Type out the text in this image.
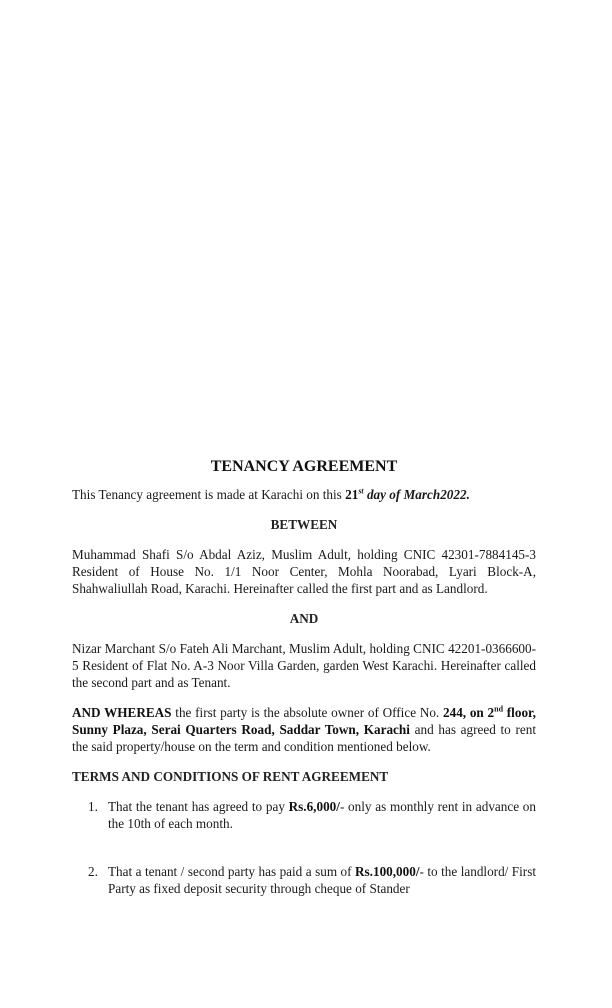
TENANCY AGREEMENT

This Tenancy agreement is made at Karachi on this 21st day of March2022.

BETWEEN

Muhammad Shafi S/o Abdal Aziz, Muslim Adult, holding CNIC 42301-7884145-3 Resident of House No. 1/1 Noor Center, Mohla Noorabad, Lyari Block-A, Shahwaliullah Road, Karachi. Hereinafter called the first part and as Landlord.

AND

Nizar Marchant S/o Fateh Ali Marchant, Muslim Adult, holding CNIC 42201-0366600-5 Resident of Flat No. A-3 Noor Villa Garden, garden West Karachi. Hereinafter called the second part and as Tenant.

AND WHEREAS the first party is the absolute owner of Office No. 244, on 2nd floor, Sunny Plaza, Serai Quarters Road, Saddar Town, Karachi and has agreed to rent the said property/house on the term and condition mentioned below.

TERMS AND CONDITIONS OF RENT AGREEMENT
1. That the tenant has agreed to pay Rs.6,000/- only as monthly rent in advance on the 10th of each month.
2. That a tenant / second party has paid a sum of Rs.100,000/- to the landlord/ First Party as fixed deposit security through cheque of Stander
